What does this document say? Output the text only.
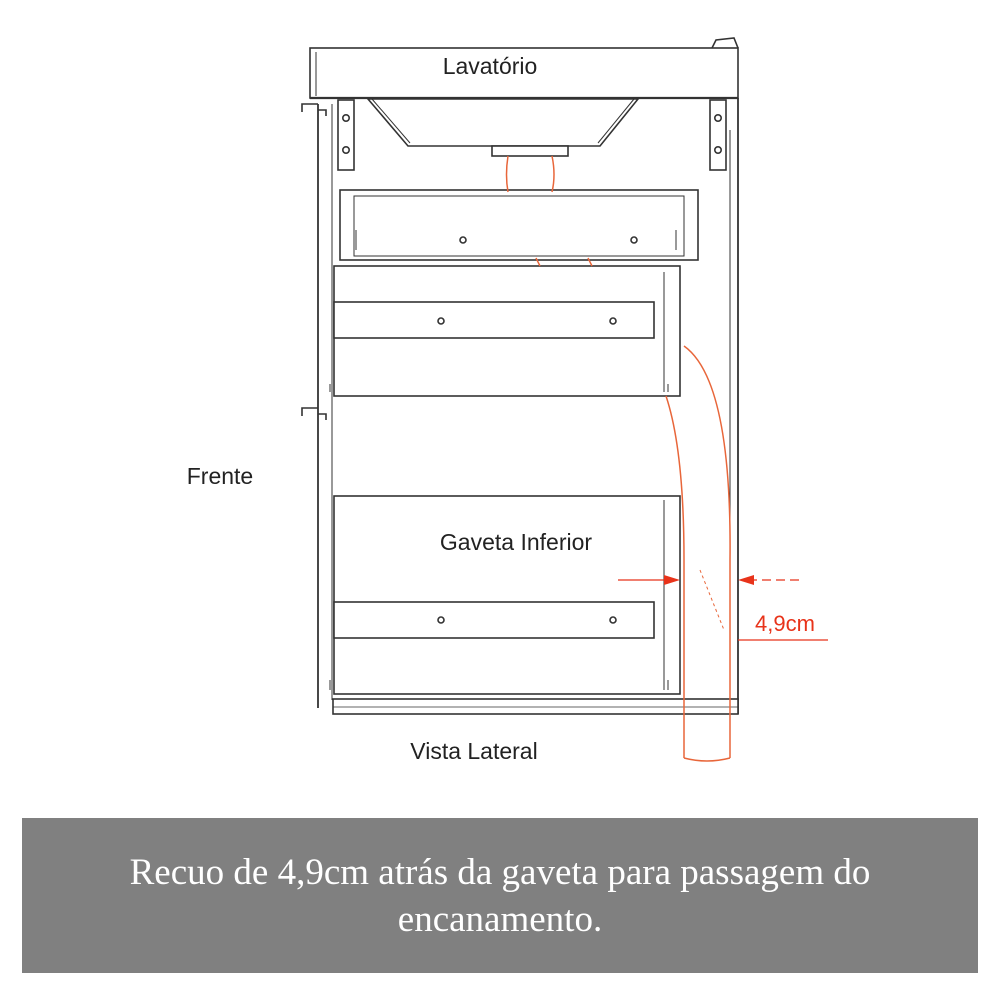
Lavatório
Frente
Gaveta Inferior
Vista Lateral
4,9cm
Recuo de 4,9cm atrás da gaveta para passagem do encanamento.
